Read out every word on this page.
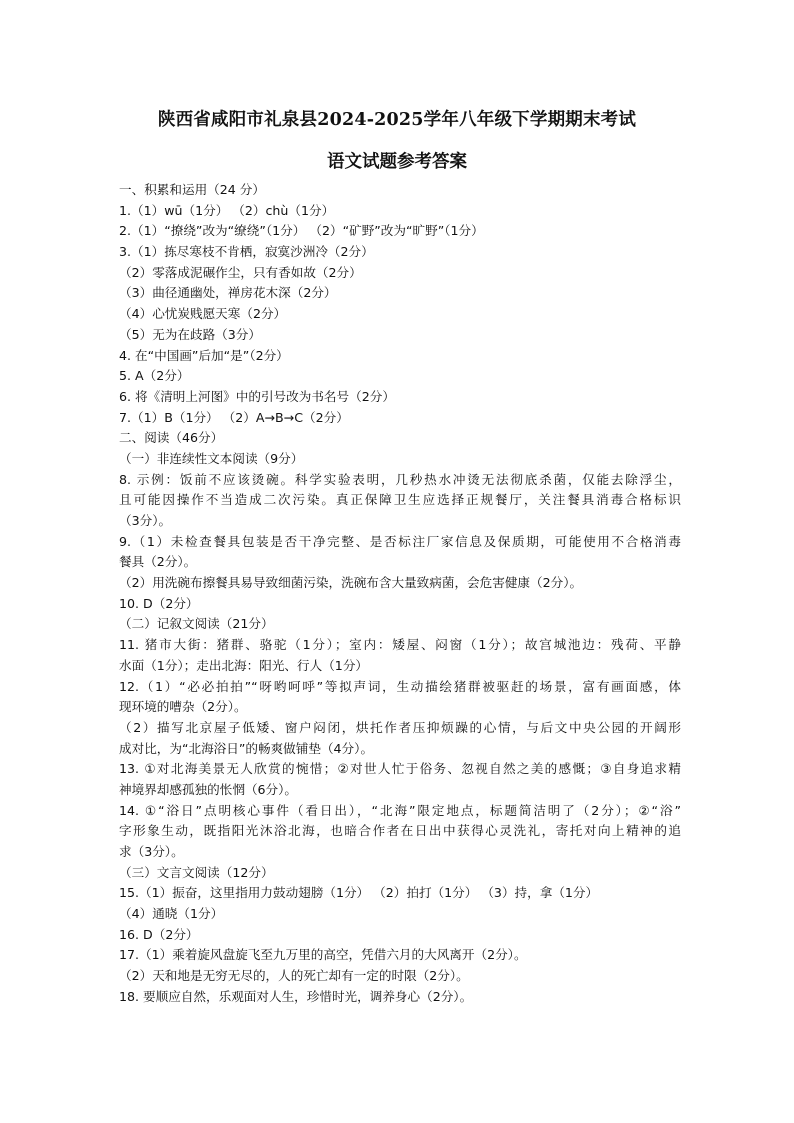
陕西省咸阳市礼泉县2024-2025学年八年级下学期期末考试
语文试题参考答案
一、积累和运用（24 分）
1.（1）wū（1分） （2）chù（1分）
2.（1）“撩绕”改为“缭绕”（1分） （2）“矿野”改为“旷野”（1分）
3.（1）拣尽寒枝不肯栖，寂寞沙洲冷（2分）
（2）零落成泥碾作尘，只有香如故（2分）
（3）曲径通幽处，禅房花木深（2分）
（4）心忧炭贱愿天寒（2分）
（5）无为在歧路（3分）
4. 在“中国画”后加“是”（2分）
5. A（2分）
6. 将《清明上河图》中的引号改为书名号（2分）
7.（1）B（1分） （2）A→B→C（2分）
二、阅读（46分）
（一）非连续性文本阅读（9分）
8. 示例：饭前不应该烫碗。科学实验表明，几秒热水冲烫无法彻底杀菌，仅能去除浮尘，
且可能因操作不当造成二次污染。真正保障卫生应选择正规餐厅，关注餐具消毒合格标识
（3分）。
9.（1）未检查餐具包装是否干净完整、是否标注厂家信息及保质期，可能使用不合格消毒
餐具（2分）。
（2）用洗碗布擦餐具易导致细菌污染，洗碗布含大量致病菌，会危害健康（2分）。
10. D（2分）
（二）记叙文阅读（21分）
11. 猪市大街：猪群、骆驼（1分）；室内：矮屋、闷窗（1分）；故宫城池边：残荷、平静
水面（1分）；走出北海：阳光、行人（1分）
12.（1）“必必拍拍”“呀哟呵呼”等拟声词，生动描绘猪群被驱赶的场景，富有画面感，体
现环境的嘈杂（2分）。
（2）描写北京屋子低矮、窗户闷闭，烘托作者压抑烦躁的心情，与后文中央公园的开阔形
成对比，为“北海浴日”的畅爽做铺垫（4分）。
13. ①对北海美景无人欣赏的惋惜；②对世人忙于俗务、忽视自然之美的感慨；③自身追求精
神境界却感孤独的怅惘（6分）。
14. ①“浴日”点明核心事件（看日出），“北海”限定地点，标题简洁明了（2分）；②“浴”
字形象生动，既指阳光沐浴北海，也暗合作者在日出中获得心灵洗礼，寄托对向上精神的追
求（3分）。
（三）文言文阅读（12分）
15.（1）振奋，这里指用力鼓动翅膀（1分） （2）拍打（1分） （3）持，拿（1分）
（4）通晓（1分）
16. D（2分）
17.（1）乘着旋风盘旋飞至九万里的高空，凭借六月的大风离开（2分）。
（2）天和地是无穷无尽的，人的死亡却有一定的时限（2分）。
18. 要顺应自然，乐观面对人生，珍惜时光，调养身心（2分）。
